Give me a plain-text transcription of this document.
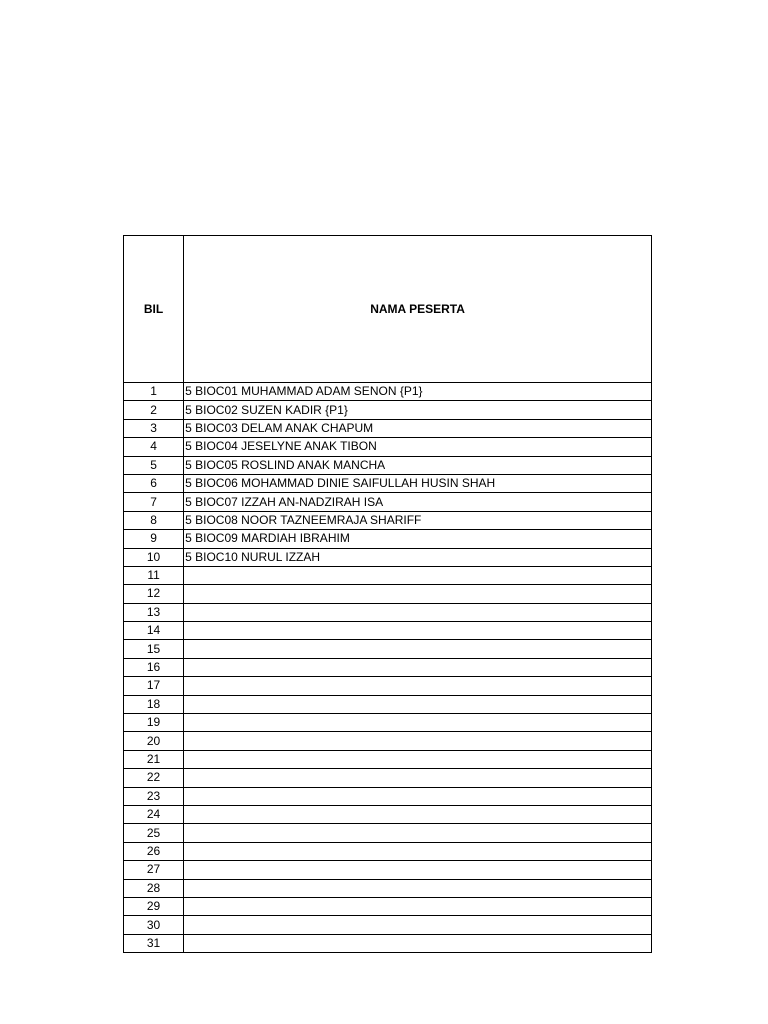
BIL	NAMA PESERTA
1	5 BIOC01 MUHAMMAD ADAM SENON {P1}
2	5 BIOC02 SUZEN KADIR {P1}
3	5 BIOC03 DELAM ANAK CHAPUM
4	5 BIOC04 JESELYNE ANAK TIBON
5	5 BIOC05 ROSLIND ANAK MANCHA
6	5 BIOC06 MOHAMMAD DINIE SAIFULLAH HUSIN SHAH
7	5 BIOC07 IZZAH AN-NADZIRAH ISA
8	5 BIOC08 NOOR TAZNEEMRAJA SHARIFF
9	5 BIOC09 MARDIAH IBRAHIM
10	5 BIOC10 NURUL IZZAH
11	
12	
13	
14	
15	
16	
17	
18	
19	
20	
21	
22	
23	
24	
25	
26	
27	
28	
29	
30	
31	
